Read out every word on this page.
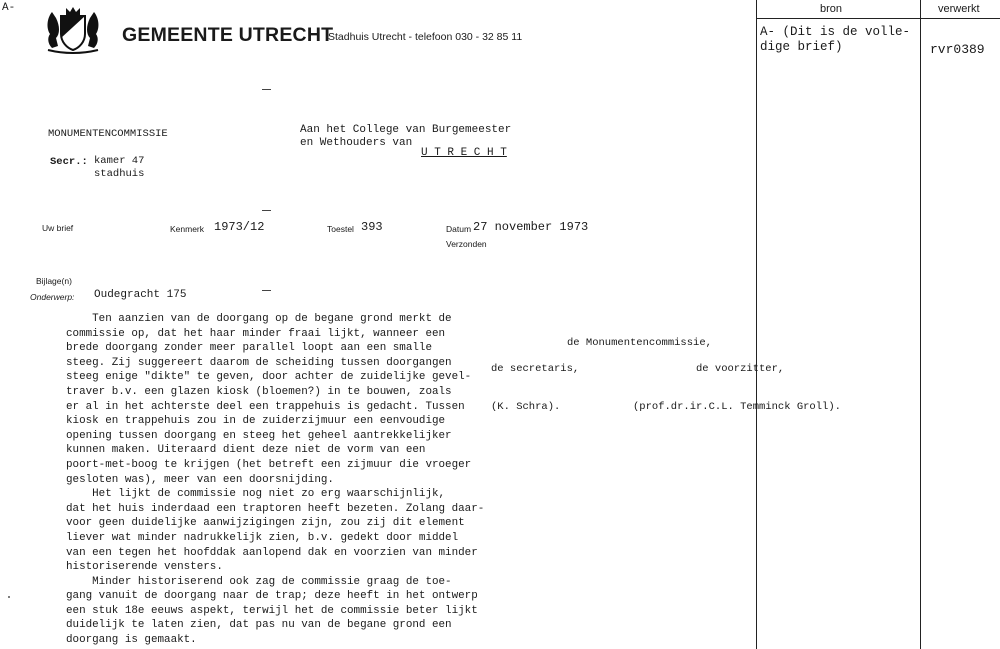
A-
GEMEENTE UTRECHT
Stadhuis Utrecht - telefoon 030 - 32 85 11
bron	verwerkt
A- (Dit is de volle-
dige brief)	rvr0389
MONUMENTENCOMMISSIE
Secr.: kamer 47
stadhuis
Aan het College van Burgemeester
en Wethouders van
U T R E C H T
Uw brief	Kenmerk 1973/12	Toestel 393	Datum 27 november 1973
Verzonden
Bijlage(n)
Onderwerp: Oudegracht 175
Ten aanzien van de doorgang op de begane grond merkt de
commissie op, dat het haar minder fraai lijkt, wanneer een
brede doorgang zonder meer parallel loopt aan een smalle
steeg. Zij suggereert daarom de scheiding tussen doorgangen
steeg enige "dikte" te geven, door achter de zuidelijke gevel-
traver b.v. een glazen kiosk (bloemen?) in te bouwen, zoals
er al in het achterste deel een trappehuis is gedacht. Tussen
kiosk en trappehuis zou in de zuiderzijmuur een eenvoudige
opening tussen doorgang en steeg het geheel aantrekkelijker
kunnen maken. Uiteraard dient deze niet de vorm van een
poort-met-boog te krijgen (het betreft een zijmuur die vroeger
gesloten was), meer van een doorsnijding.
Het lijkt de commissie nog niet zo erg waarschijnlijk,
dat het huis inderdaad een traptoren heeft bezeten. Zolang daar-
voor geen duidelijke aanwijzigingen zijn, zou zij dit element
liever wat minder nadrukkelijk zien, b.v. gedekt door middel
van een tegen het hoofddak aanlopend dak en voorzien van minder
historiserende vensters.
Minder historiserend ook zag de commissie graag de toe-
gang vanuit de doorgang naar de trap; deze heeft in het ontwerp
een stuk 18e eeuws aspekt, terwijl het de commissie beter lijkt
duidelijk te laten zien, dat pas nu van de begane grond een
doorgang is gemaakt.
de Monumentencommissie,
de secretaris,	de voorzitter,
(K. Schra).	(prof.dr.ir.C.L. Temminck Groll).
